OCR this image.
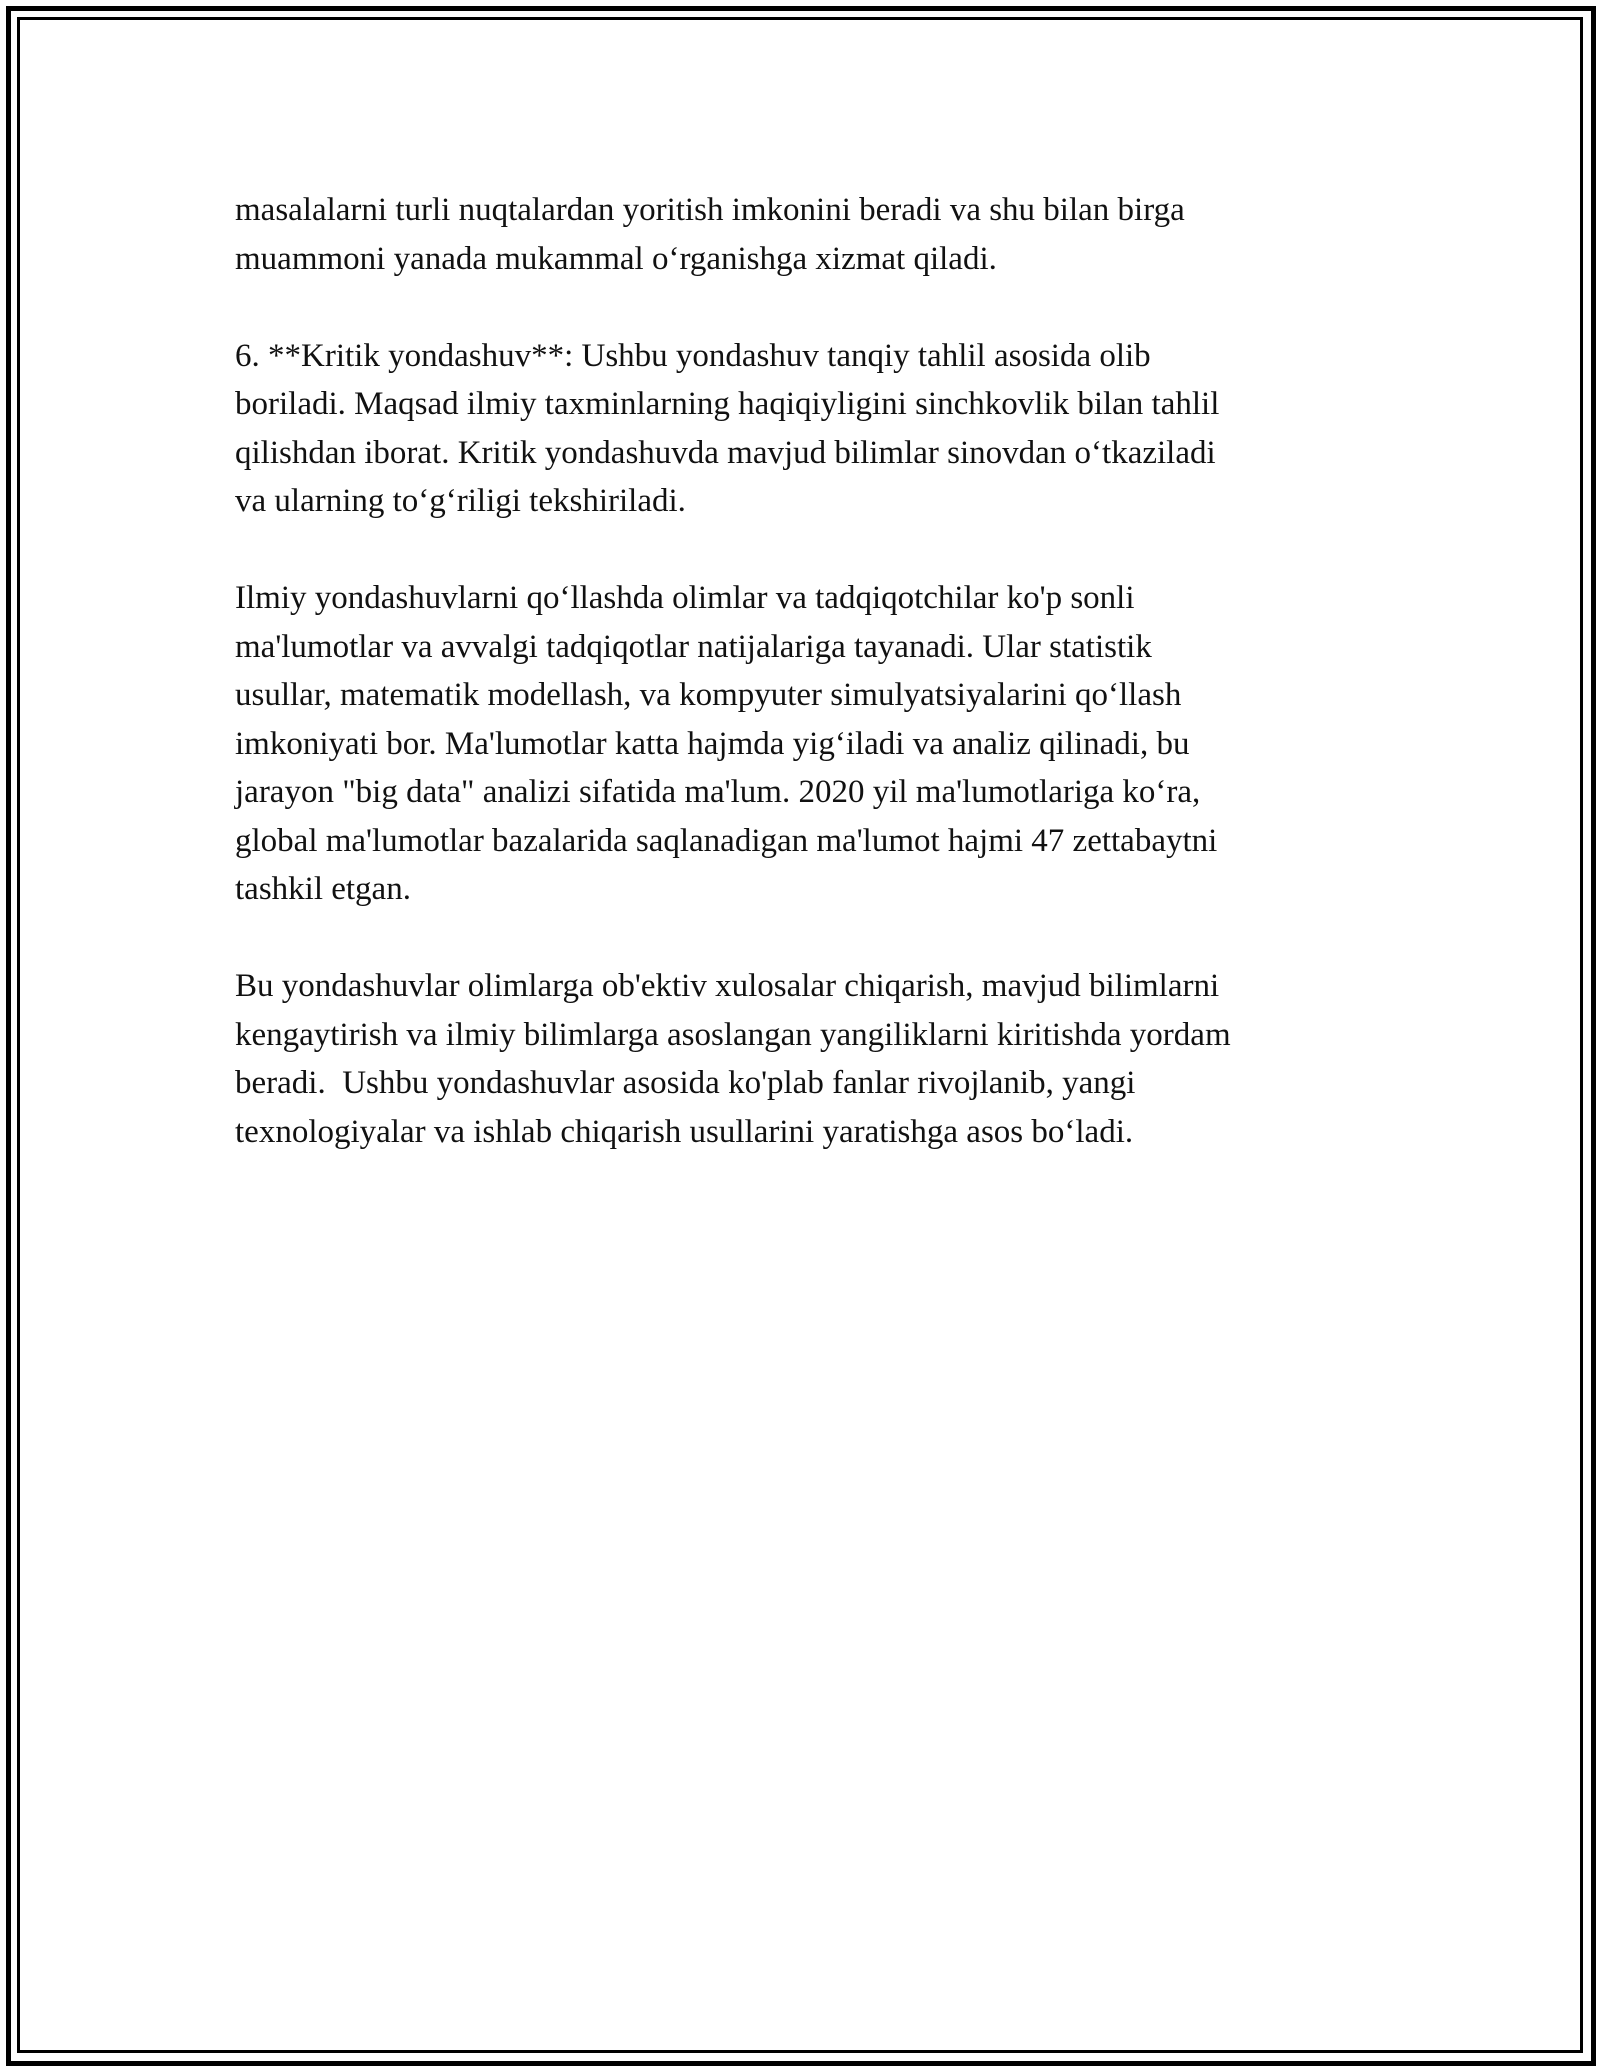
masalalarni turli nuqtalardan yoritish imkonini beradi va shu bilan birga
muammoni yanada mukammal o‘rganishga xizmat qiladi.

6. **Kritik yondashuv**: Ushbu yondashuv tanqiy tahlil asosida olib
boriladi. Maqsad ilmiy taxminlarning haqiqiyligini sinchkovlik bilan tahlil
qilishdan iborat. Kritik yondashuvda mavjud bilimlar sinovdan o‘tkaziladi
va ularning to‘g‘riligi tekshiriladi.

Ilmiy yondashuvlarni qo‘llashda olimlar va tadqiqotchilar ko'p sonli
ma'lumotlar va avvalgi tadqiqotlar natijalariga tayanadi. Ular statistik
usullar, matematik modellash, va kompyuter simulyatsiyalarini qo‘llash
imkoniyati bor. Ma'lumotlar katta hajmda yig‘iladi va analiz qilinadi, bu
jarayon "big data" analizi sifatida ma'lum. 2020 yil ma'lumotlariga ko‘ra,
global ma'lumotlar bazalarida saqlanadigan ma'lumot hajmi 47 zettabaytni
tashkil etgan.

Bu yondashuvlar olimlarga ob'ektiv xulosalar chiqarish, mavjud bilimlarni
kengaytirish va ilmiy bilimlarga asoslangan yangiliklarni kiritishda yordam
beradi.  Ushbu yondashuvlar asosida ko'plab fanlar rivojlanib, yangi
texnologiyalar va ishlab chiqarish usullarini yaratishga asos bo‘ladi.
